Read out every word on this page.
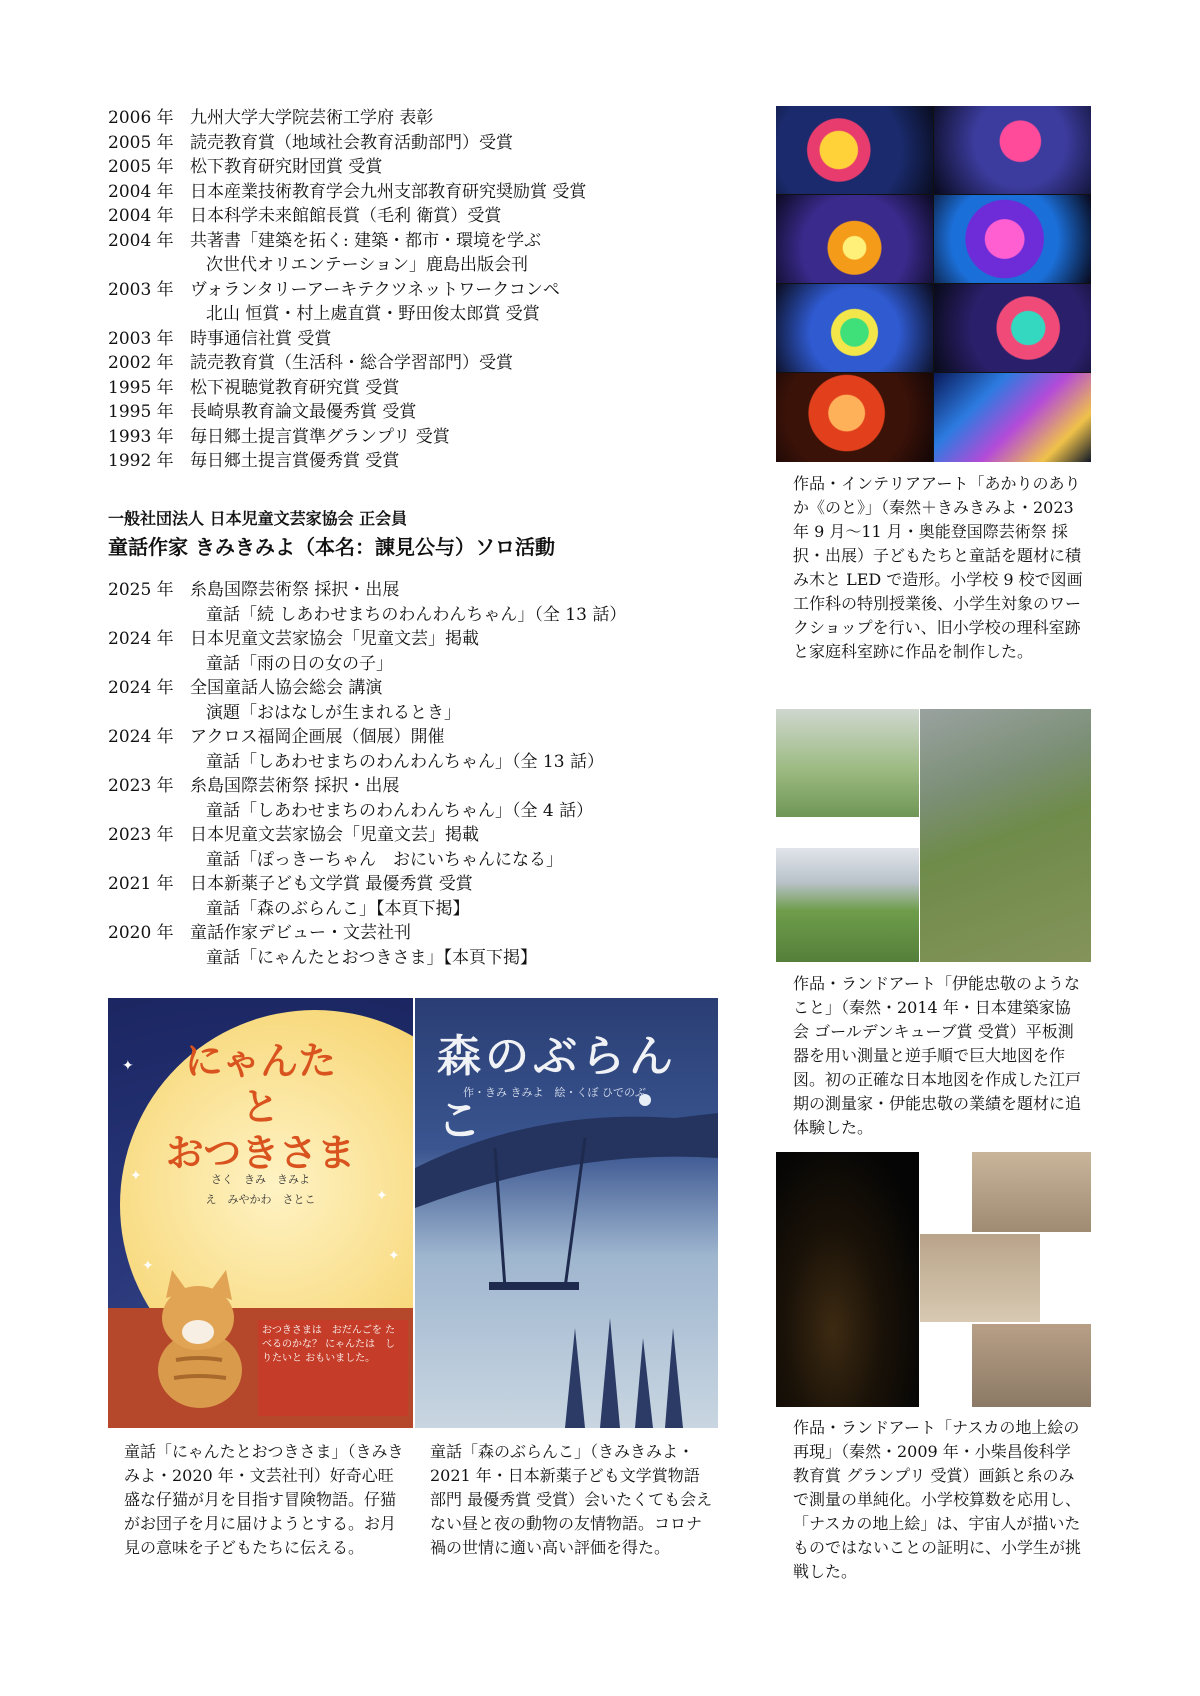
2006 年 九州大学大学院芸術工学府 表彰
2005 年 読売教育賞（地域社会教育活動部門）受賞
2005 年 松下教育研究財団賞 受賞
2004 年 日本産業技術教育学会九州支部教育研究奨励賞 受賞
2004 年 日本科学未来館館長賞（毛利 衛賞）受賞
2004 年 共著書「建築を拓く: 建築・都市・環境を学ぶ
次世代オリエンテーション」鹿島出版会刊
2003 年 ヴォランタリーアーキテクツネットワークコンペ
北山 恒賞・村上處直賞・野田俊太郎賞 受賞
2003 年 時事通信社賞 受賞
2002 年 読売教育賞（生活科・総合学習部門）受賞
1995 年 松下視聴覚教育研究賞 受賞
1995 年 長崎県教育論文最優秀賞 受賞
1993 年 毎日郷土提言賞準グランプリ 受賞
1992 年 毎日郷土提言賞優秀賞 受賞
一般社団法人 日本児童文芸家協会 正会員
童話作家 きみきみよ（本名：諌見公与）ソロ活動
2025 年 糸島国際芸術祭 採択・出展
童話「続 しあわせまちのわんわんちゃん」（全 13 話）
2024 年 日本児童文芸家協会「児童文芸」掲載
童話「雨の日の女の子」
2024 年 全国童話人協会総会 講演
演題「おはなしが生まれるとき」
2024 年 アクロス福岡企画展（個展）開催
童話「しあわせまちのわんわんちゃん」（全 13 話）
2023 年 糸島国際芸術祭 採択・出展
童話「しあわせまちのわんわんちゃん」（全 4 話）
2023 年 日本児童文芸家協会「児童文芸」掲載
童話「ぽっきーちゃん　おにいちゃんになる」
2021 年 日本新薬子ども文学賞 最優秀賞 受賞
童話「森のぶらんこ」【本頁下掲】
2020 年 童話作家デビュー・文芸社刊
童話「にゃんたとおつきさま」【本頁下掲】
✦
✦
✦
✦
✦
にゃんた
と
おつきさま
さく　きみ　きみよ
え　みやかわ　さとこ
おつきさまは　おだんごを たべるのかな？ にゃんたは　しりたいと おもいました。
森のぶらんこ
作・きみ きみよ　絵・くぼ ひでのぶ
童話「にゃんたとおつきさま」（きみきみよ・2020 年・文芸社刊）好奇心旺盛な仔猫が月を目指す冒険物語。仔猫がお団子を月に届けようとする。お月見の意味を子どもたちに伝える。
童話「森のぶらんこ」（きみきみよ・2021 年・日本新薬子ども文学賞物語部門 最優秀賞 受賞）会いたくても会えない昼と夜の動物の友情物語。コロナ禍の世情に適い高い評価を得た。
作品・インテリアアート「あかりのありか《のと》」（秦然＋きみきみよ・2023 年 9 月～11 月・奥能登国際芸術祭 採択・出展）子どもたちと童話を題材に積み木と LED で造形。小学校 9 校で図画工作科の特別授業後、小学生対象のワークショップを行い、旧小学校の理科室跡と家庭科室跡に作品を制作した。
作品・ランドアート「伊能忠敬のようなこと」（秦然・2014 年・日本建築家協会 ゴールデンキューブ賞 受賞）平板測器を用い測量と逆手順で巨大地図を作図。初の正確な日本地図を作成した江戸期の測量家・伊能忠敬の業績を題材に追体験した。
作品・ランドアート「ナスカの地上絵の再現」（秦然・2009 年・小柴昌俊科学教育賞 グランプリ 受賞）画鋲と糸のみで測量の単純化。小学校算数を応用し、「ナスカの地上絵」は、宇宙人が描いたものではないことの証明に、小学生が挑戦した。
